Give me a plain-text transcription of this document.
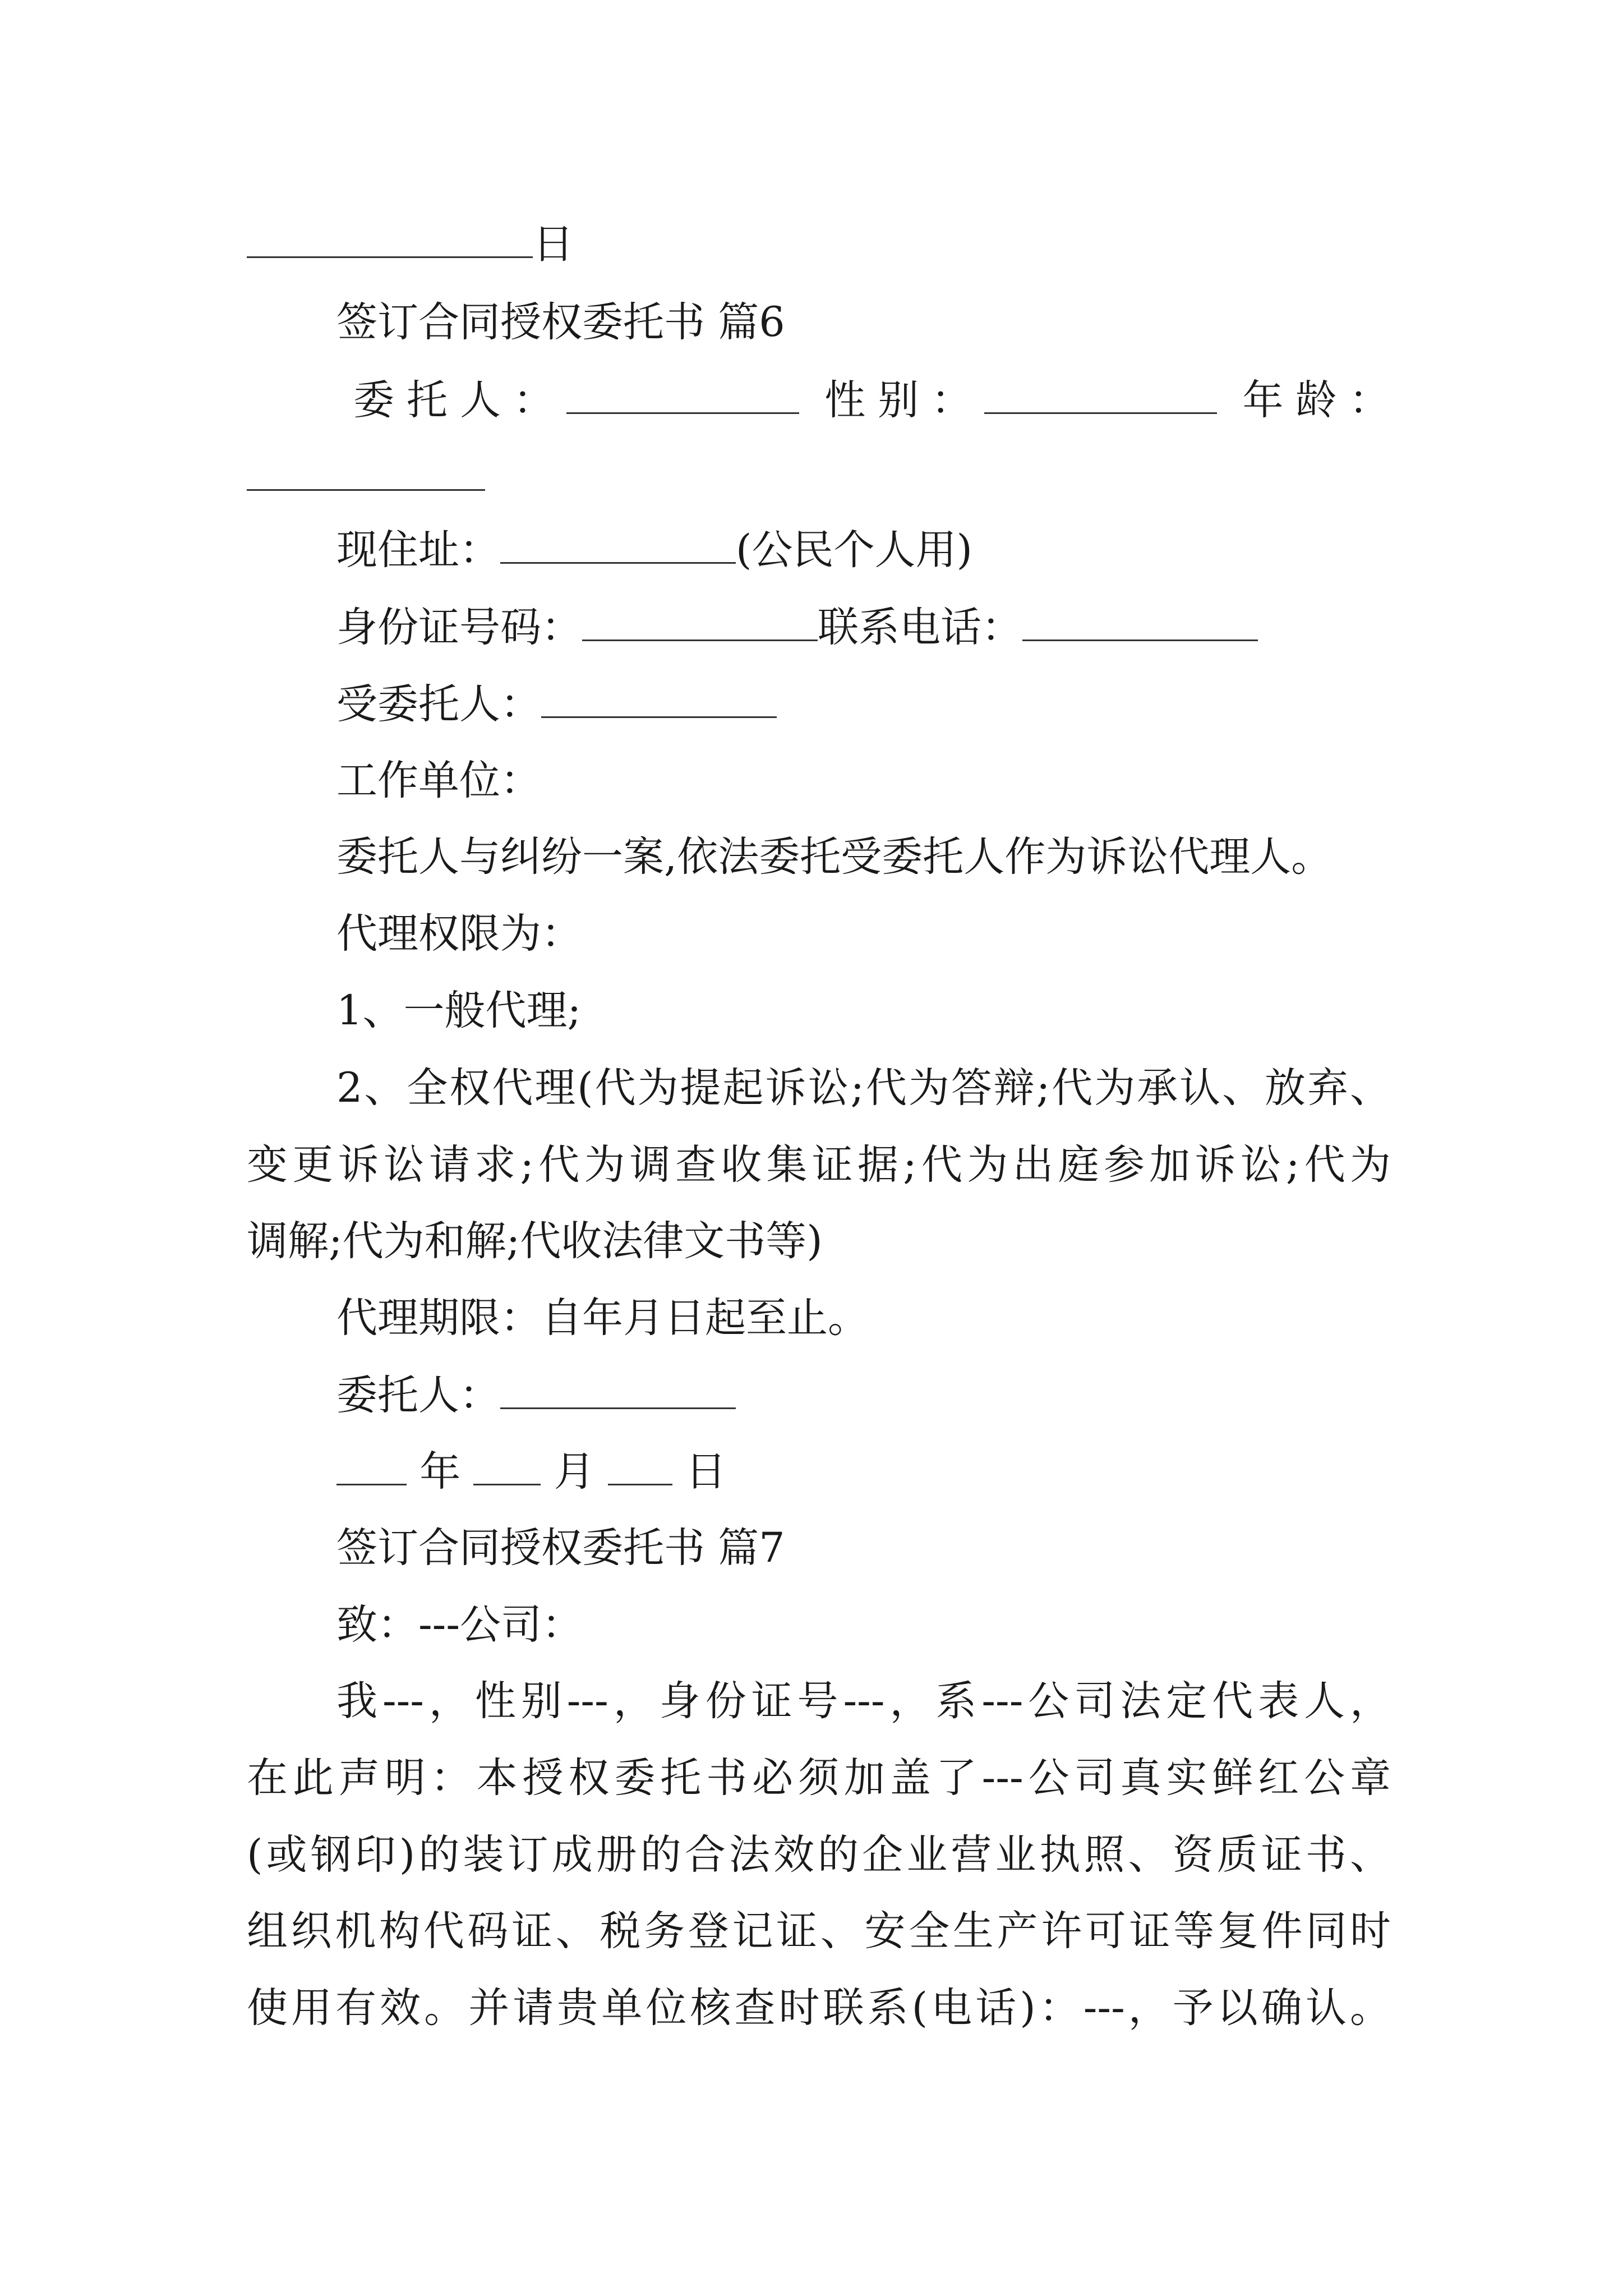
日
签订合同授权委托书 篇6
委托人：	性别：	年龄：
现住址：	(公民个人用)
身份证号码：	联系电话：
受委托人：
工作单位：
委托人与纠纷一案,依法委托受委托人作为诉讼代理人。
代理权限为：
1、一般代理;
2、全权代理(代为提起诉讼;代为答辩;代为承认、放弃、
变更诉讼请求;代为调查收集证据;代为出庭参加诉讼;代为
调解;代为和解;代收法律文书等)
代理期限：自年月日起至止。
委托人：
年 月 日
签订合同授权委托书 篇7
致：---公司：
我---，性别---，身份证号---，系---公司法定代表人，
在此声明：本授权委托书必须加盖了---公司真实鲜红公章
(或钢印)的装订成册的合法效的企业营业执照、资质证书、
组织机构代码证、税务登记证、安全生产许可证等复件同时
使用有效。并请贵单位核查时联系(电话)：---，予以确认。
